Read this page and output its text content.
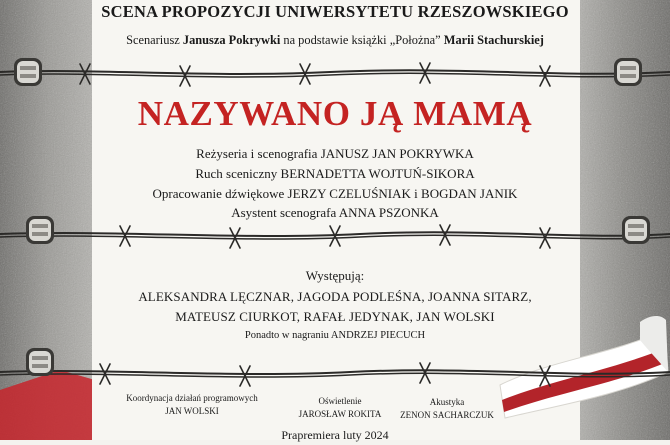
SCENA PROPOZYCJI UNIWERSYTETU RZESZOWSKIEGO
Scenariusz Janusza Pokrywki na podstawie książki „Położna” Marii Stachurskiej
NAZYWANO JĄ MAMĄ
Reżyseria i scenografia JANUSZ JAN POKRYWKA
Ruch sceniczny BERNADETTA WOJTUŃ-SIKORA
Opracowanie dźwiękowe JERZY CZELUŚNIAK i BOGDAN JANIK
Asystent scenografa ANNA PSZONKA
Występują:
ALEKSANDRA LĘCZNAR, JAGODA PODLEŚNA, JOANNA SITARZ,
MATEUSZ CIURKOT, RAFAŁ JEDYNAK, JAN WOLSKI
Ponadto w nagraniu ANDRZEJ PIECUCH
Koordynacja działań programowych
JAN WOLSKI
Oświetlenie
JAROSŁAW ROKITA
Akustyka
ZENON SACHARCZUK
Prapremiera luty 2024
